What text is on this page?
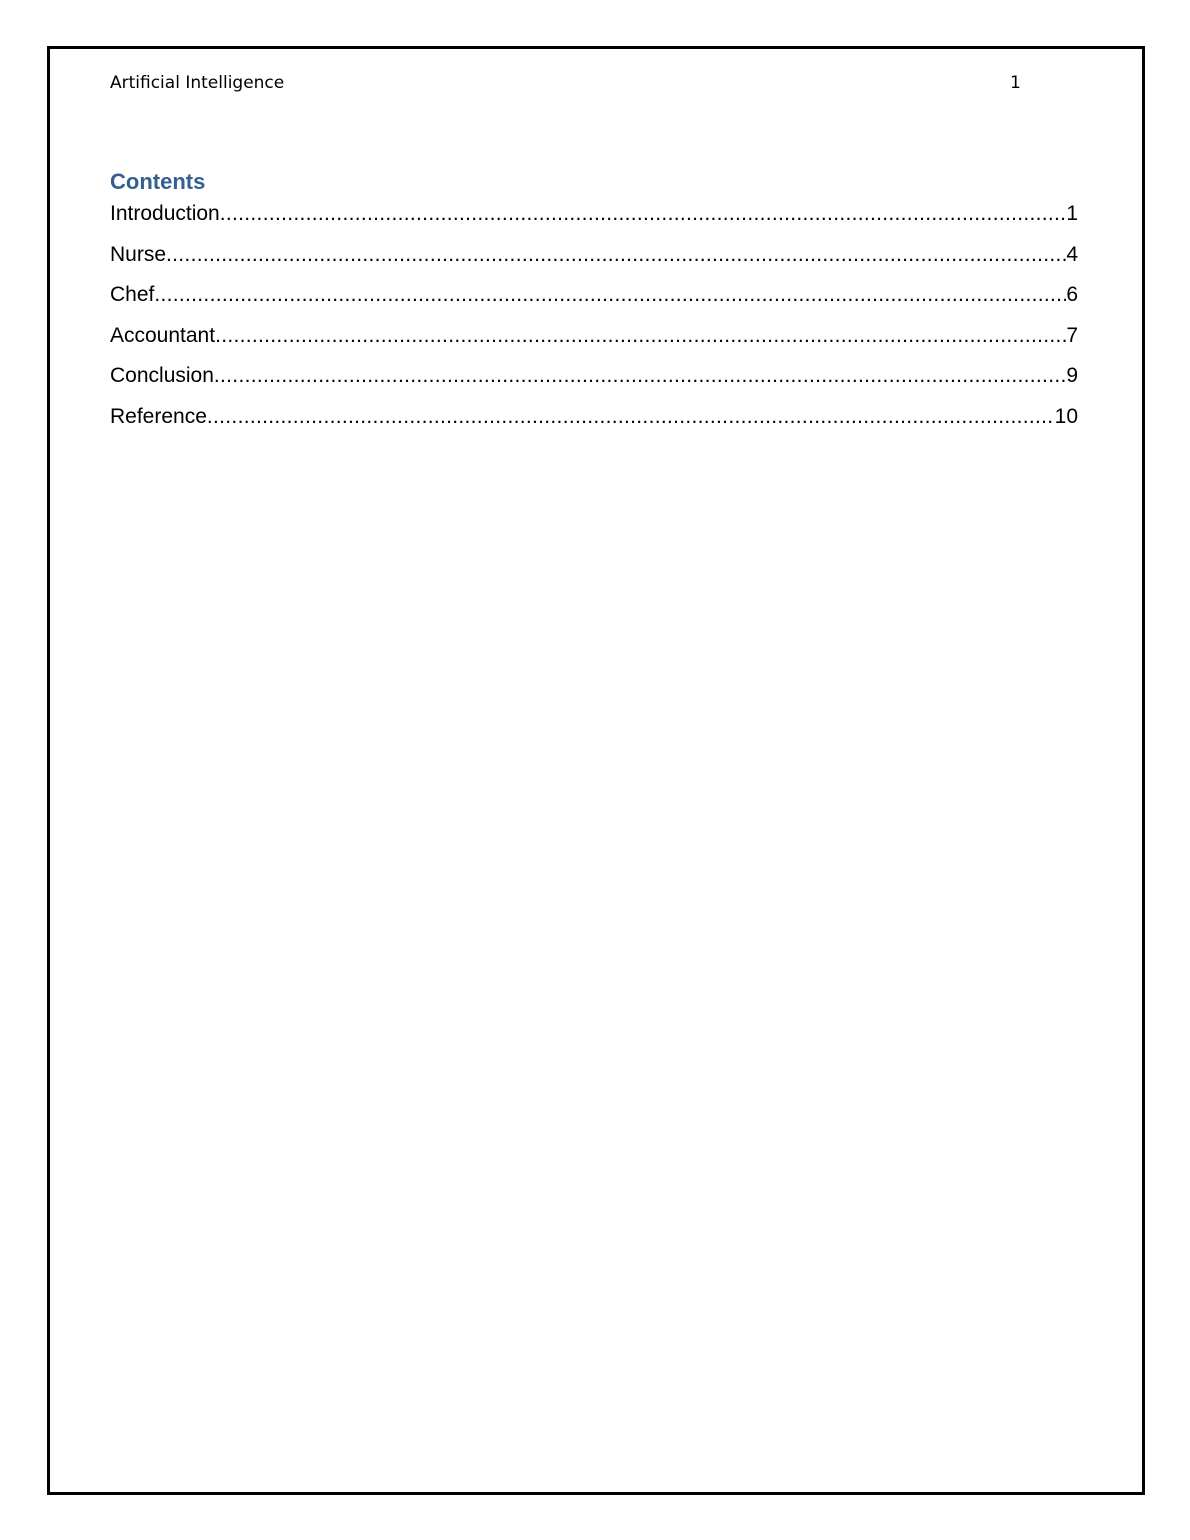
Artificial Intelligence	1
Contents
Introduction .....	1
Nurse .....	4
Chef .....	6
Accountant .....	7
Conclusion .....	9
Reference .....	10
